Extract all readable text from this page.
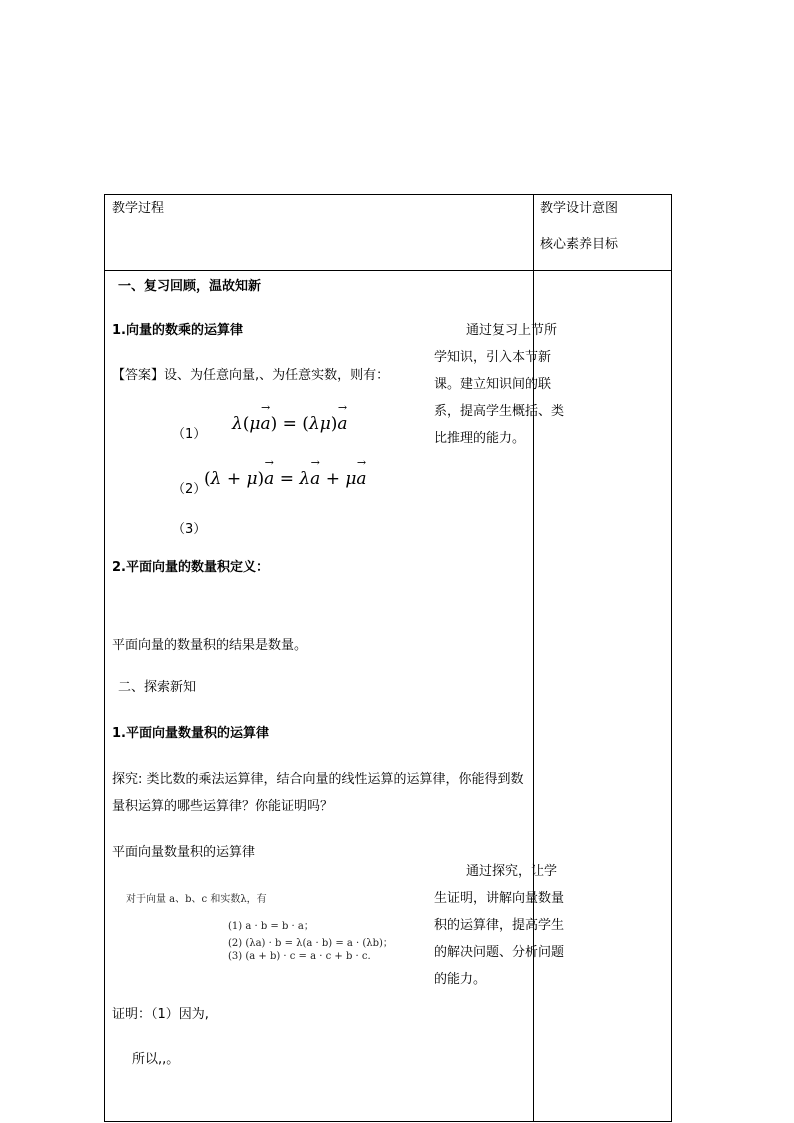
教学过程	教学设计意图
核心素养目标
一、复习回顾，温故知新
1.向量的数乘的运算律
【答案】设、为任意向量,、为任意实数，则有：
（1）
λ(μ→ a) = (λμ)→ a
（2）
(λ + μ)→ a = λ→ a + μ→ a
（3）
2.平面向量的数量积定义：
平面向量的数量积的结果是数量。
二、探索新知
1.平面向量数量积的运算律
探究: 类比数的乘法运算律，结合向量的线性运算的运算律，你能得到数量积运算的哪些运算律？你能证明吗？
平面向量数量积的运算律
对于向量 a、b、c 和实数λ，有
(1) a · b = b · a；
(2) (λa) · b = λ(a · b) = a · (λb)；
(3) (a + b) · c = a · c + b · c.
证明：（1）因为,
所以,,。
通过复习上节所学知识，引入本节新课。建立知识间的联系，提高学生概括、类比推理的能力。
通过探究，让学生证明，讲解向量数量积的运算律，提高学生的解决问题、分析问题的能力。
